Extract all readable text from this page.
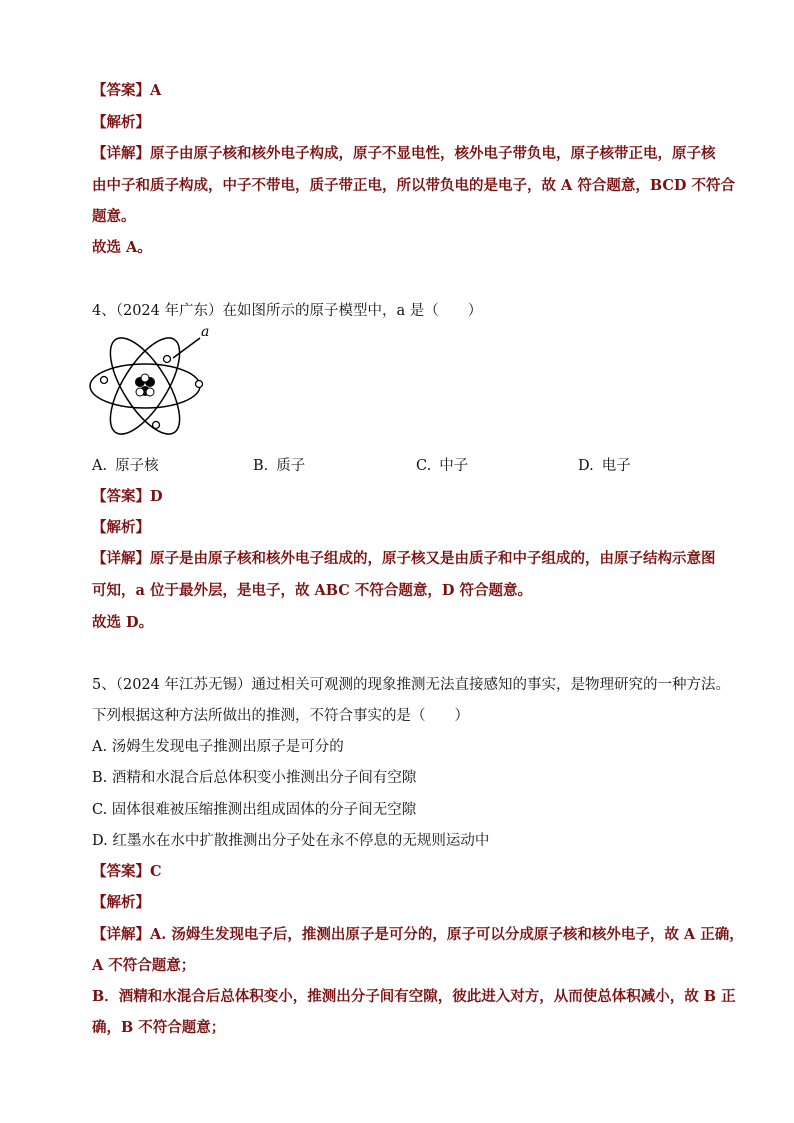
【答案】A
【解析】
【详解】原子由原子核和核外电子构成，原子不显电性，核外电子带负电，原子核带正电，原子核
由中子和质子构成，中子不带电，质子带正电，所以带负电的是电子，故 A 符合题意，BCD 不符合
题意。
故选 A。
4、（2024 年广东）在如图所示的原子模型中，a 是（　　）
a
A. 原子核	B. 质子	C. 中子	D. 电子
【答案】D
【解析】
【详解】原子是由原子核和核外电子组成的，原子核又是由质子和中子组成的，由原子结构示意图
可知，a 位于最外层，是电子，故 ABC 不符合题意，D 符合题意。
故选 D。
5、（2024 年江苏无锡）通过相关可观测的现象推测无法直接感知的事实，是物理研究的一种方法。
下列根据这种方法所做出的推测，不符合事实的是（　　）
A. 汤姆生发现电子推测出原子是可分的
B. 酒精和水混合后总体积变小推测出分子间有空隙
C. 固体很难被压缩推测出组成固体的分子间无空隙
D. 红墨水在水中扩散推测出分子处在永不停息的无规则运动中
【答案】C
【解析】
【详解】A. 汤姆生发现电子后，推测出原子是可分的，原子可以分成原子核和核外电子，故 A 正确，
A 不符合题意；
B．酒精和水混合后总体积变小，推测出分子间有空隙，彼此进入对方，从而使总体积减小，故 B 正
确，B 不符合题意；
